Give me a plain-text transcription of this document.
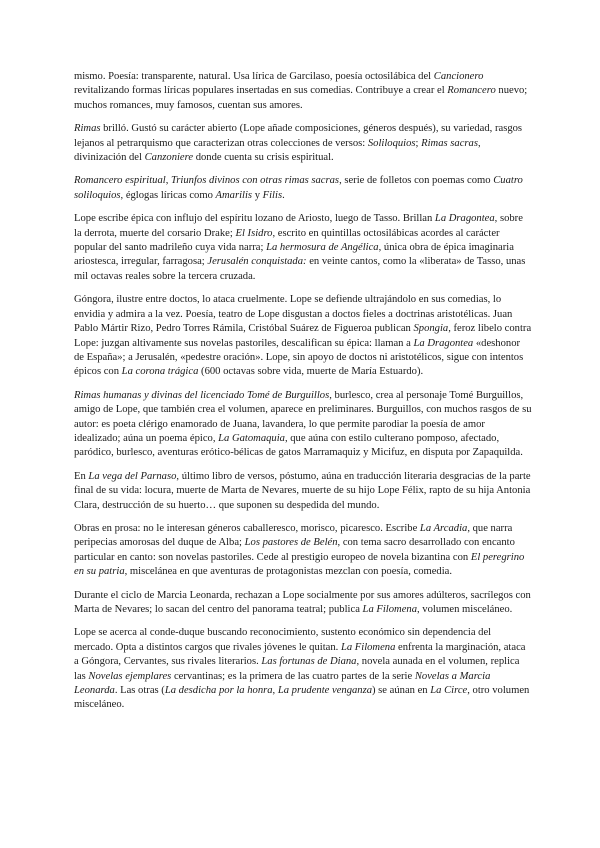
mismo. Poesía: transparente, natural. Usa lírica de Garcilaso, poesía octosilábica del Cancionero revitalizando formas líricas populares insertadas en sus comedias. Contribuye a crear el Romancero nuevo; muchos romances, muy famosos, cuentan sus amores.

Rimas brilló. Gustó su carácter abierto (Lope añade composiciones, géneros después), su variedad, rasgos lejanos al petrarquismo que caracterizan otras colecciones de versos: Soliloquios; Rimas sacras, divinización del Canzoniere donde cuenta su crisis espiritual.

Romancero espiritual, Triunfos divinos con otras rimas sacras, serie de folletos con poemas como Cuatro soliloquios, églogas líricas como Amarilis y Filis.

Lope escribe épica con influjo del espíritu lozano de Ariosto, luego de Tasso. Brillan La Dragontea, sobre la derrota, muerte del corsario Drake; El Isidro, escrito en quintillas octosilábicas acordes al carácter popular del santo madrileño cuya vida narra; La hermosura de Angélica, única obra de épica imaginaria ariostesca, irregular, farragosa; Jerusalén conquistada: en veinte cantos, como la «liberata» de Tasso, unas mil octavas reales sobre la tercera cruzada.

Góngora, ilustre entre doctos, lo ataca cruelmente. Lope se defiende ultrajándolo en sus comedias, lo envidia y admira a la vez. Poesía, teatro de Lope disgustan a doctos fieles a doctrinas aristotélicas. Juan Pablo Mártir Rizo, Pedro Torres Rámila, Cristóbal Suárez de Figueroa publican Spongia, feroz libelo contra Lope: juzgan altivamente sus novelas pastoriles, descalifican su épica: llaman a La Dragontea «deshonor de España»; a Jerusalén, «pedestre oración». Lope, sin apoyo de doctos ni aristotélicos, sigue con intentos épicos con La corona trágica (600 octavas sobre vida, muerte de María Estuardo).

Rimas humanas y divinas del licenciado Tomé de Burguillos, burlesco, crea al personaje Tomé Burguillos, amigo de Lope, que también crea el volumen, aparece en preliminares. Burguillos, con muchos rasgos de su autor: es poeta clérigo enamorado de Juana, lavandera, lo que permite parodiar la poesía de amor idealizado; aúna un poema épico, La Gatomaquia, que aúna con estilo culterano pomposo, afectado, paródico, burlesco, aventuras erótico-bélicas de gatos Marramaquiz y Micifuz, en disputa por Zapaquilda.

En La vega del Parnaso, último libro de versos, póstumo, aúna en traducción literaria desgracias de la parte final de su vida: locura, muerte de Marta de Nevares, muerte de su hijo Lope Félix, rapto de su hija Antonia Clara, destrucción de su huerto… que suponen su despedida del mundo.

Obras en prosa: no le interesan géneros caballeresco, morisco, picaresco. Escribe La Arcadia, que narra peripecias amorosas del duque de Alba; Los pastores de Belén, con tema sacro desarrollado con encanto particular en canto: son novelas pastoriles. Cede al prestigio europeo de novela bizantina con El peregrino en su patria, miscelánea en que aventuras de protagonistas mezclan con poesía, comedia.

Durante el ciclo de Marcia Leonarda, rechazan a Lope socialmente por sus amores adúlteros, sacrílegos con Marta de Nevares; lo sacan del centro del panorama teatral; publica La Filomena, volumen misceláneo.

Lope se acerca al conde-duque buscando reconocimiento, sustento económico sin dependencia del mercado. Opta a distintos cargos que rivales jóvenes le quitan. La Filomena enfrenta la marginación, ataca a Góngora, Cervantes, sus rivales literarios. Las fortunas de Diana, novela aunada en el volumen, replica las Novelas ejemplares cervantinas; es la primera de las cuatro partes de la serie Novelas a Marcia Leonarda. Las otras (La desdicha por la honra, La prudente venganza) se aúnan en La Circe, otro volumen misceláneo.
